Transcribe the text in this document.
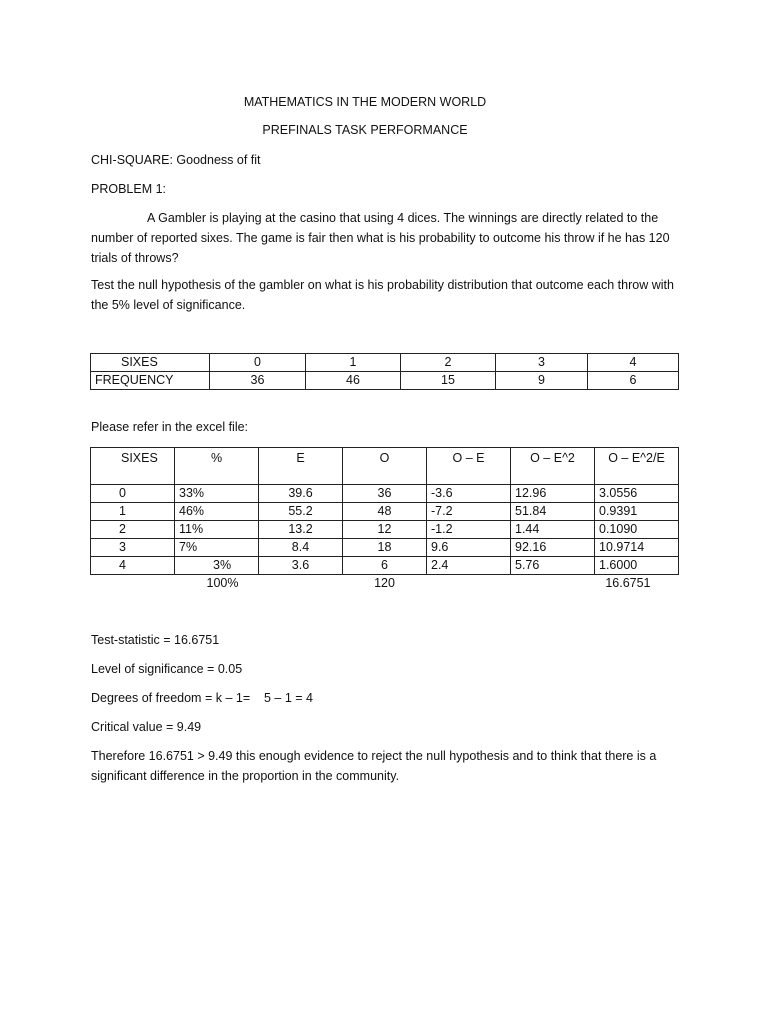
MATHEMATICS IN THE MODERN WORLD
PREFINALS TASK PERFORMANCE
CHI-SQUARE: Goodness of fit
PROBLEM 1:
A Gambler is playing at the casino that using 4 dices. The winnings are directly related to the number of reported sixes. The game is fair then what is his probability to outcome his throw if he has 120 trials of throws?
Test the null hypothesis of the gambler on what is his probability distribution that outcome each throw with the 5% level of significance.
SIXES	0	1	2	3	4
FREQUENCY	36	46	15	9	6
Please refer in the excel file:
SIXES	%	E	O	O – E	O – E^2	O – E^2/E
0	33%	39.6	36	-3.6	12.96	3.0556
1	46%	55.2	48	-7.2	51.84	0.9391
2	11%	13.2	12	-1.2	1.44	0.1090
3	7%	8.4	18	9.6	92.16	10.9714
4	3%	3.6	6	2.4	5.76	1.6000
	100%		120			16.6751
Test-statistic = 16.6751
Level of significance = 0.05
Degrees of freedom = k – 1=    5 – 1 = 4
Critical value = 9.49
Therefore 16.6751 > 9.49 this enough evidence to reject the null hypothesis and to think that there is a significant difference in the proportion in the community.
